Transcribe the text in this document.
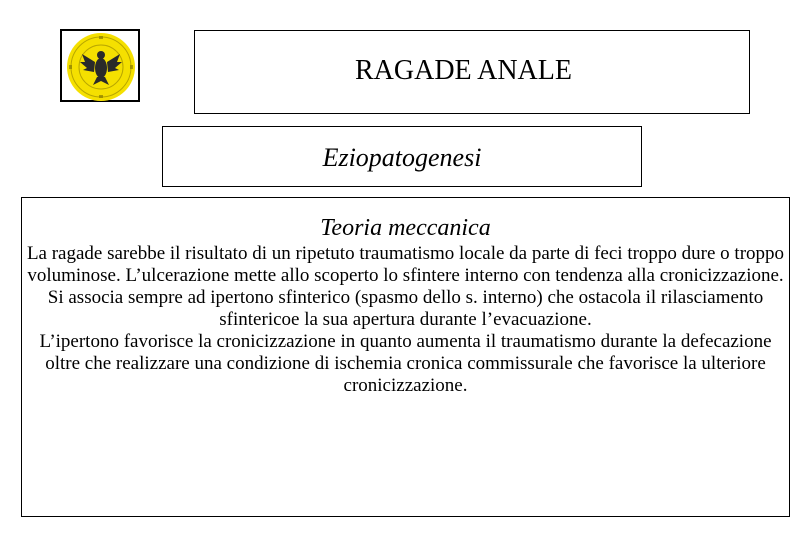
RAGADE ANALE
Eziopatogenesi
Teoria meccanica

La ragade sarebbe il risultato di un ripetuto traumatismo locale da parte di feci troppo dure o troppo voluminose. L’ulcerazione mette allo scoperto lo sfintere interno con tendenza alla cronicizzazione.

Si associa sempre ad ipertono sfinterico (spasmo dello s. interno) che ostacola il rilasciamento sfintericoe la sua apertura durante l’evacuazione.

L’ipertono favorisce la cronicizzazione in quanto aumenta il traumatismo durante la defecazione oltre che realizzare una condizione di ischemia cronica commissurale che favorisce la ulteriore cronicizzazione.
